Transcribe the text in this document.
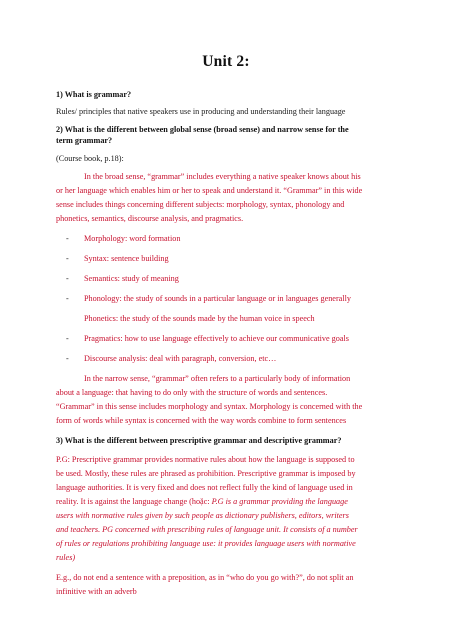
Unit 2:
1) What is grammar?
Rules/ principles that native speakers use in producing and understanding their language
2) What is the different between global sense (broad sense) and narrow sense for the
term grammar?
(Course book, p.18):
In the broad sense, “grammar” includes everything a native speaker knows about his
or her language which enables him or her to speak and understand it. “Grammar” in this wide
sense includes things concerning different subjects: morphology, syntax, phonology and
phonetics, semantics, discourse analysis, and pragmatics.
- Morphology: word formation
- Syntax: sentence building
- Semantics: study of meaning
- Phonology: the study of sounds in a particular language or in languages generally
Phonetics: the study of the sounds made by the human voice in speech
- Pragmatics: how to use language effectively to achieve our communicative goals
- Discourse analysis: deal with paragraph, conversion, etc…
In the narrow sense, “grammar” often refers to a particularly body of information
about a language: that having to do only with the structure of words and sentences.
“Grammar” in this sense includes morphology and syntax. Morphology is concerned with the
form of words while syntax is concerned with the way words combine to form sentences
3) What is the different between prescriptive grammar and descriptive grammar?
P.G: Prescriptive grammar provides normative rules about how the language is supposed to
be used. Mostly, these rules are phrased as prohibition. Prescriptive grammar is imposed by
language authorities. It is very fixed and does not reflect fully the kind of language used in
reality. It is against the language change (hoặc: P.G is a grammar providing the language
users with normative rules given by such people as dictionary publishers, editors, writers
and teachers. PG concerned with prescribing rules of language unit. It consists of a number
of rules or regulations prohibiting language use: it provides language users with normative
rules)
E.g., do not end a sentence with a preposition, as in “who do you go with?”, do not split an
infinitive with an adverb
